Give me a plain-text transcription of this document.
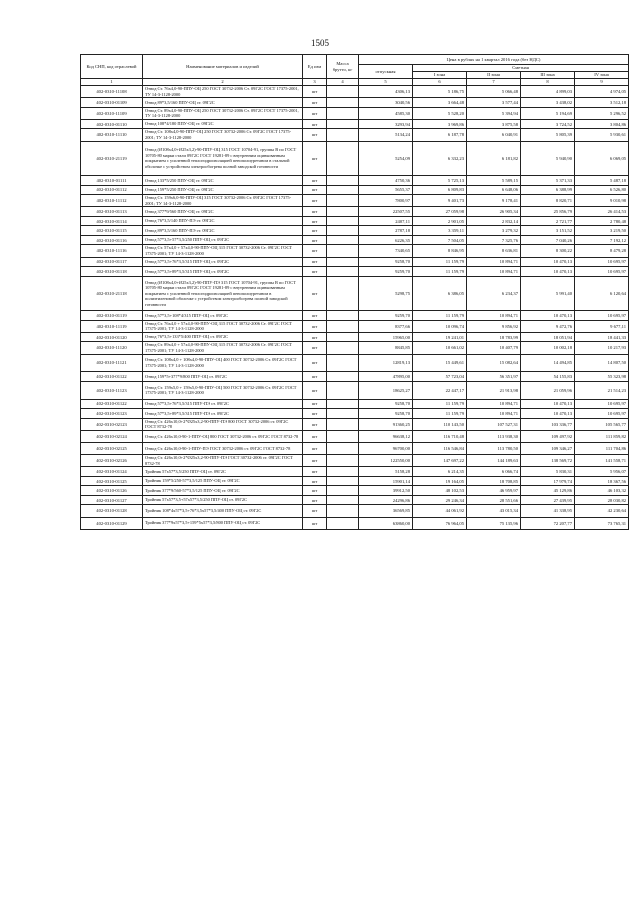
1505
Код СНП, код отраслевой	Наименование материалов и изделий	Ед изм	Масса брутто, кг	Цена в рублях на 1 квартал 2016 года (без НДС)				
				отпускная	Сметная			
					I зона	II зона	III зона	IV зона
1	2	3	4	5	6	7	8	9
402-0310-11108	Отвод Ст. 76х4,0-90-ППУ-ОЦ 250 ГОСТ 30732-2006 Ст. 09Г2С ГОСТ 17375-2001, ТУ 14-3-1128-2000	шт		4306,13	5 186,75	5 066,48	4 899,03	4 974,05
402-0310-01109	Отвод 89*3,5/160 ППУ-ОЦ ст. 09Г2С	шт		3040,56	3 664,48	3 577,44	3 438,02	3 512,18
402-0310-11109	Отвод Ст. 89х4,0-90-ППУ-ОЦ 250 ГОСТ 30732-2006 Ст. 09Г2С ГОСТ 17375-2001, ТУ 14-3-1128-2000	шт		4585,30	5 528,20	5 394,94	5 194,69	5 296,52
402-0310-01110	Отвод 108*4/180 ППУ-ОЦ ст. 09Г2С	шт		3293,94	3 969,86	3 875,58	3 724,52	3 804,86
402-0310-11110	Отвод Ст. 108х4,0-90-ППУ-ОЦ 250 ГОСТ 30732-2006 Ст. 09Г2С ГОСТ 17375-2001; ТУ 14-3-1128-2000	шт		5134,24	6 187,78	6 040,91	5 805,39	5 930,61
402-0310-21119	Отвод (Ø108х4,0+Ø25х3,2)-90-ППУ-ОЦ 315 ГОСТ 10704-91, группы В по ГОСТ 10705-80 марки стали 09Г2С ГОСТ 19281-89 с внутренним оцинкованным покрытием с усиленной теплогидроизоляцией пенополиуретаном в стальной оболочке с устройством электрообогрева полной заводской готовности	шт		5254,09	6 332,23	6 181,82	5 940,90	6 069,05
402-0310-01111	Отвод 133*5/250 ППУ-ОЦ ст. 09Г2С	шт		4750,36	5 725,13	5 589,15	5 371,33	5 487,18
402-0310-01112	Отвод 159*5/250 ППУ-ОЦ ст. 09Г2С	шт		5655,37	6 809,83	6 648,06	6 388,99	6 526,80
402-0310-11112	Отвод Ст. 159х6,0-90-ППУ-ОЦ 315 ГОСТ 30732-2006 Ст. 09Г2С ГОСТ 17375-2001; ТУ 14-3-1128-2000	шт		7800,97	9 401,73	9 178,41	8 820,71	9 010,98
402-0310-01113	Отвод 377*9/560 ППУ-ОЦ ст. 09Г2С	шт		22507,55	27 059,98	26 905,34	25 856,79	26 414,53
402-0310-01114	Отвод 76*3,5/140 ППУ-ПЭ ст. 09Г2С	шт		2407,11	2 901,05	2 832,14	2 721,77	2 780,48
402-0310-01115	Отвод 89*3,5/160 ППУ-ПЭ ст. 09Г2С	шт		2787,18	3 359,11	3 279,32	3 151,52	3 219,50
402-0310-01116	Отвод 57*3,5+57*3,5/250 ППУ-ОЦ ст. 09Г2С	шт		6226,35	7 504,05	7 325,76	7 040,26	7 192,12
402-0310-11116	Отвод Ст. 57х4,0 + 57х4,0-90-ППУ-ОЦ 315 ГОСТ 30732-2006 Ст. 09Г2С ГОСТ 17375-2001; ТУ 14-3-1128-2000	шт		7340,65	8 846,95	8 636,81	8 300,22	8 479,28
402-0310-01117	Отвод 57*3,5+76*3,5/315 ППУ-ОЦ ст. 09Г2С	шт		9258,70	11 159,79	10 894,71	10 470,13	10 695,97
402-0310-01118	Отвод 57*3,5+89*3,5/315 ППУ-ОЦ ст. 09Г2С	шт		9259,70	11 159,79	10 894,71	10 470,13	10 695,97
402-0310-21118	Отвод (Ø108х4,0+Ø25х3,2)-90-ППУ-ПЭ 315 ГОСТ 10704-91, группы В по ГОСТ 10705-80 марки стали 09Г2С ГОСТ 19281-89 с внутренним оцинкованным покрытием с усиленной теплогидроизоляцией пенополиуретаном в полиэтиленовой оболочке с устройством электрообогрева полной заводской готовности	шт		5298,75	6 386,05	6 234,37	5 991,40	6 120,64
402-0310-01119	Отвод 57*3,5+108*4/315 ППУ-ОЦ ст. 09Г2С	шт		9259,70	11 159,79	10 894,71	10 470,13	10 695,97
402-0310-11119	Отвод Ст. 76х4,0 + 57х4,0-90-ППУ-ОЦ 315 ГОСТ 30732-2006 Ст. 09Г2С ГОСТ 17375-2001; ТУ 14-3-1128-2000	шт		8377,66	10 096,74	9 856,92	9 472,76	9 677,11
402-0310-01120	Отвод 76*3,5+133*5/400 ППУ-ОЦ ст. 09Г2С	шт		15965,00	19 241,01	18 783,99	18 051,94	18 441,33
402-0310-11120	Отвод Ст. 89х4,0 + 57х4,0-90-ППУ-ОЦ 315 ГОСТ 30732-2006 Ст. 09Г2С ГОСТ 17375-2001; ТУ 14-3-1128-2000	шт		8845,85	10 661,02	10 407,79	10 002,18	10 217,93
402-0310-11121	Отвод Ст. 108х4,0 + 108х4,0-90-ППУ-ОЦ 400 ГОСТ 30732-2006 Ст. 09Г2С ГОСТ 17375-2001; ТУ 14-3-1128-2000	шт		12819,13	15 449,61	15 082,64	14 494,85	14 807,50
402-0310-01122	Отвод 159*5+377*9/800 ППУ-ОЦ ст. 09Г2С	шт		47895,00	57 723,04	56 351,97	54 155,83	55 323,98
402-0310-11123	Отвод Ст. 159х5,0 + 159х5,0-90-ППУ-ОЦ 500 ГОСТ 30732-2006 Ст. 09Г2С ГОСТ 17375-2001; ТУ 14-3-1128-2000	шт		18625,27	22 447,17	21 913,98	21 059,96	21 514,23
402-0310-01122	Отвод 57*3,5+76*3,5/315 ППУ-ПЭ ст. 09Г2С	шт		9258,70	11 159,79	10 894,71	10 470,13	10 695,97
402-0310-01123	Отвод 57*3,5+89*3,5/315 ППУ-ПЭ ст. 09Г2С	шт		9258,70	11 159,79	10 894,71	10 470,13	10 695,97
402-0310-02123	Отвод Ст. 426х10,0+2*Ø25х3,2-90-ППУ-ПЭ 800 ГОСТ 30732-2006 ст. 09Г2С ГОСТ 8732-78	шт		91360,25	110 143,50	107 527,31	103 336,77	105 565,77
402-0310-02124	Отвод Ст. 426х10,0-90-1-ППУ-ОЦ 800 ГОСТ 30732-2006 ст. 09Г2С ГОСТ 8732-78	шт		96638,12	116 710,48	113 938,30	109 497,92	111 859,82
402-0310-02125	Отвод Ст. 426х10,0-90-1-ППУ-ПЭ ГОСТ 30732-2006 ст. 09Г2С ГОСТ 8732-78	шт		96700,00	116 546,84	113 780,50	109 346,27	111 704,86
402-0310-02126	Отвод Ст. 426х10,0+2*Ø25х3,2-90-ППУ-ПЭ ГОСТ 30732-2006 ст. 09Г2С ГОСТ 8732-78	шт		122550,00	147 697,22	144 189,63	138 569,72	141 558,71
402-0310-01124	Тройник 57х57*3,5/250 ППУ-ОЦ ст. 09Г2С	шт		5158,28	6 214,35	6 066,74	5 830,31	5 956,07
402-0310-01125	Тройник 159*5/250-57*3,5/125 ППУ-ОЦ ст. 09Г2С	шт		15901,14	19 164,05	18 708,85	17 979,74	18 367,56
402-0310-01126	Тройник 377*9/560-57*3,5/125 ППУ-ОЦ ст. 09Г2С	шт		39912,50	48 102,53	46 959,97	45 129,86	46 103,32
402-0310-01127	Тройник 57х57*3,5+57х57*3,5/250 ППУ-ОЦ ст. 09Г2С	шт		24296,86	29 246,34	28 551,66	27 439,95	28 030,82
402-0310-01128	Тройник 108*4х57*3,5+76*3,5х57*3,5/400 ППУ-ОЦ ст. 09Г2С	шт		36569,85	44 061,92	43 015,34	41 338,95	42 230,64
402-0310-01129	Тройник 377*9х57*3,5+159*5х57*3,5/800 ППУ-ОЦ ст. 09Г2С	шт		63860,00	76 964,05	75 135,96	72 207,77	73 765,31
